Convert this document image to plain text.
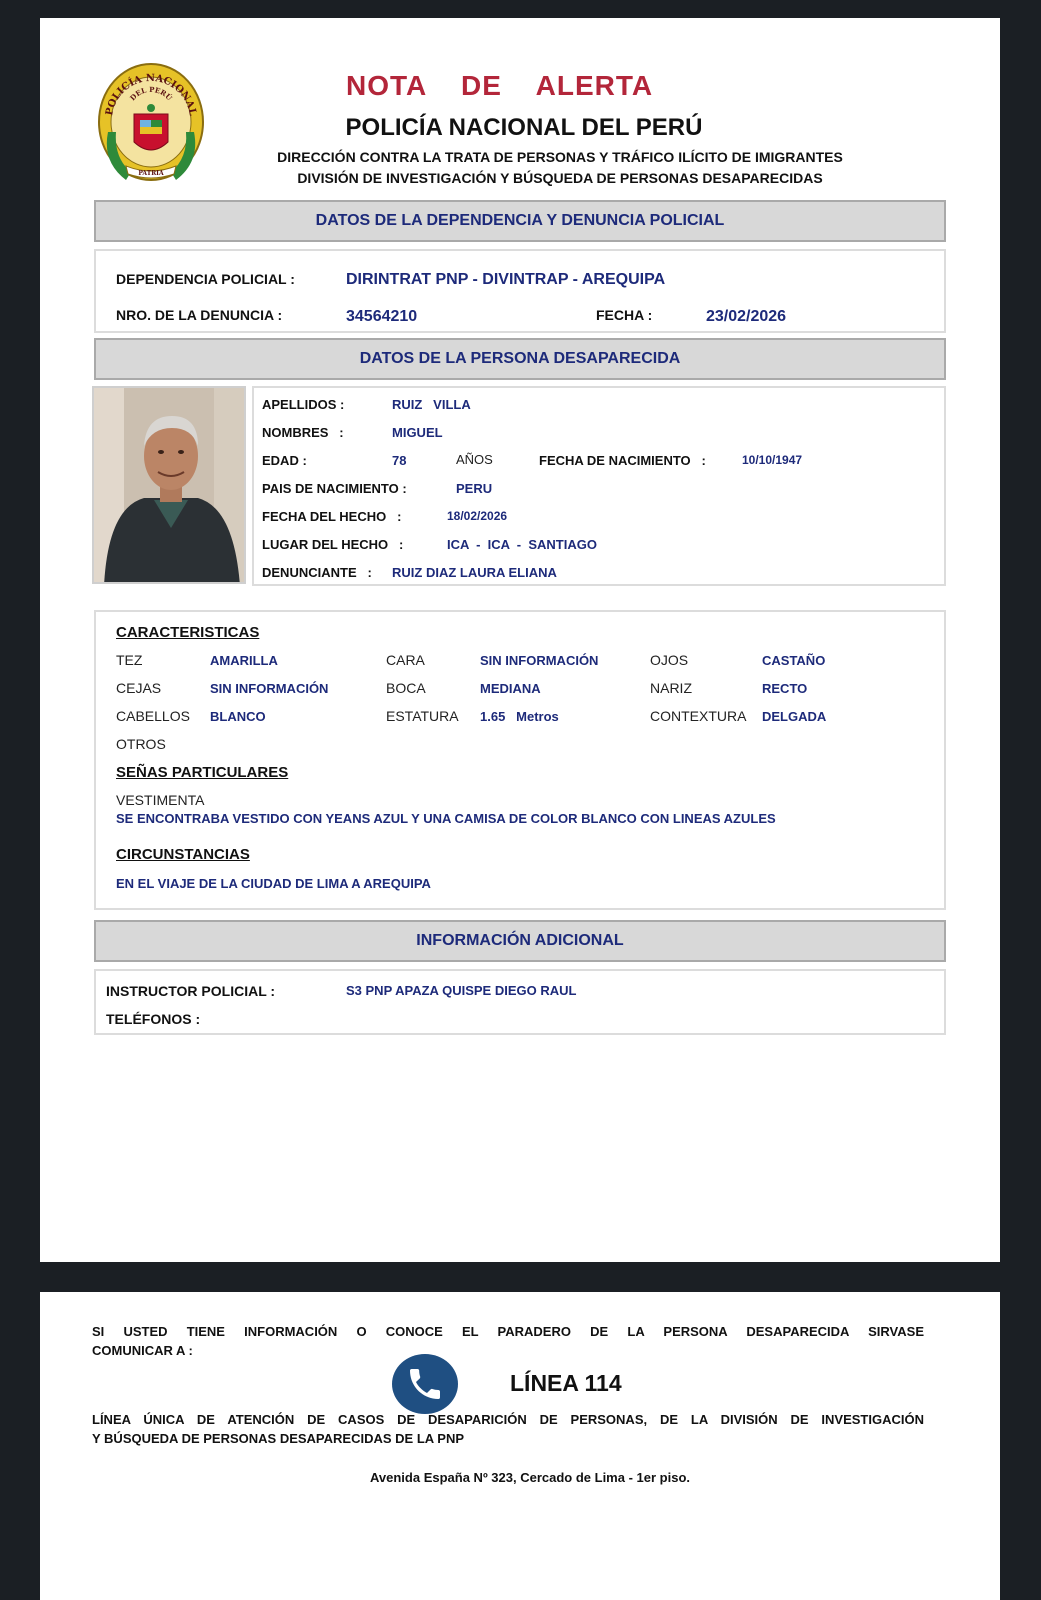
POLICÍA NACIONAL
DEL PERÚ
PATRIA
NOTA DE ALERTA
POLICÍA NACIONAL DEL PERÚ
DIRECCIÓN CONTRA LA TRATA DE PERSONAS Y TRÁFICO ILÍCITO DE IMIGRANTES
DIVISIÓN DE INVESTIGACIÓN Y BÚSQUEDA DE PERSONAS DESAPARECIDAS
DATOS DE LA DEPENDENCIA Y DENUNCIA POLICIAL
DEPENDENCIA POLICIAL :	DIRINTRAT PNP - DIVINTRAP - AREQUIPA
NRO. DE LA DENUNCIA :	34564210	FECHA :	23/02/2026
DATOS DE LA PERSONA DESAPARECIDA
APELLIDOS :	RUIZ   VILLA
NOMBRES   :	MIGUEL
EDAD :	78	AÑOS	FECHA DE NACIMIENTO   :	10/10/1947
PAIS DE NACIMIENTO :	PERU
FECHA DEL HECHO   :	18/02/2026
LUGAR DEL HECHO   :	ICA  -  ICA  -  SANTIAGO
DENUNCIANTE   : RUIZ DIAZ LAURA ELIANA
CARACTERISTICAS
TEZ	AMARILLA	CARA	SIN INFORMACIÓN	OJOS	CASTAÑO
CEJAS	SIN INFORMACIÓN	BOCA	MEDIANA	NARIZ	RECTO
CABELLOS BLANCO	ESTATURA 1.65   Metros	CONTEXTURA DELGADA
OTROS
SEÑAS PARTICULARES
VESTIMENTA
SE ENCONTRABA VESTIDO CON YEANS AZUL Y UNA CAMISA DE COLOR BLANCO CON LINEAS AZULES
CIRCUNSTANCIAS
EN EL VIAJE DE LA CIUDAD DE LIMA A AREQUIPA
INFORMACIÓN ADICIONAL
INSTRUCTOR POLICIAL :	S3 PNP APAZA QUISPE DIEGO RAUL
TELÉFONOS :
SI USTED TIENE INFORMACIÓN O CONOCE EL PARADERO DE LA PERSONA DESAPARECIDA SIRVASE
COMUNICAR A :
LÍNEA 114
LÍNEA ÚNICA DE ATENCIÓN DE CASOS DE DESAPARICIÓN DE PERSONAS, DE LA DIVISIÓN DE INVESTIGACIÓN
Y BÚSQUEDA DE PERSONAS DESAPARECIDAS DE LA PNP
Avenida España Nº 323, Cercado de Lima - 1er piso.
